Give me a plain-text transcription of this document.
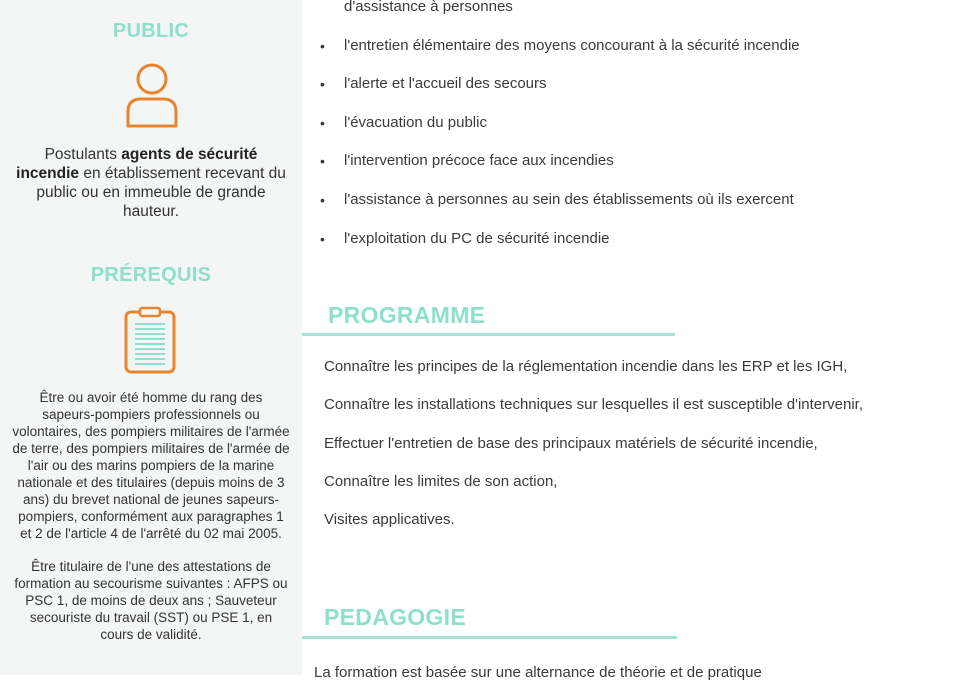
PUBLIC
Postulants agents de sécurité incendie en établissement recevant du public ou en immeuble de grande hauteur.
PRÉREQUIS

Être ou avoir été homme du rang des sapeurs-pompiers professionnels ou volontaires, des pompiers militaires de l'armée de terre, des pompiers militaires de l'armée de l'air ou des marins pompiers de la marine nationale et des titulaires (depuis moins de 3 ans) du brevet national de jeunes sapeurs-pompiers, conformément aux paragraphes 1 et 2 de l'article 4 de l'arrêté du 02 mai 2005.

Être titulaire de l'une des attestations de formation au secourisme suivantes : AFPS ou PSC 1, de moins de deux ans ; Sauveteur secouriste du travail (SST) ou PSE 1, en cours de validité.

d'assistance à personnes
• l'entretien élémentaire des moyens concourant à la sécurité incendie
• l'alerte et l'accueil des secours
• l'évacuation du public
• l'intervention précoce face aux incendies
• l'assistance à personnes au sein des établissements où ils exercent
• l'exploitation du PC de sécurité incendie
PROGRAMME
Connaître les principes de la réglementation incendie dans les ERP et les IGH,
Connaître les installations techniques sur lesquelles il est susceptible d'intervenir,
Effectuer l'entretien de base des principaux matériels de sécurité incendie,
Connaître les limites de son action,
Visites applicatives.
PEDAGOGIE
La formation est basée sur une alternance de théorie et de pratique
